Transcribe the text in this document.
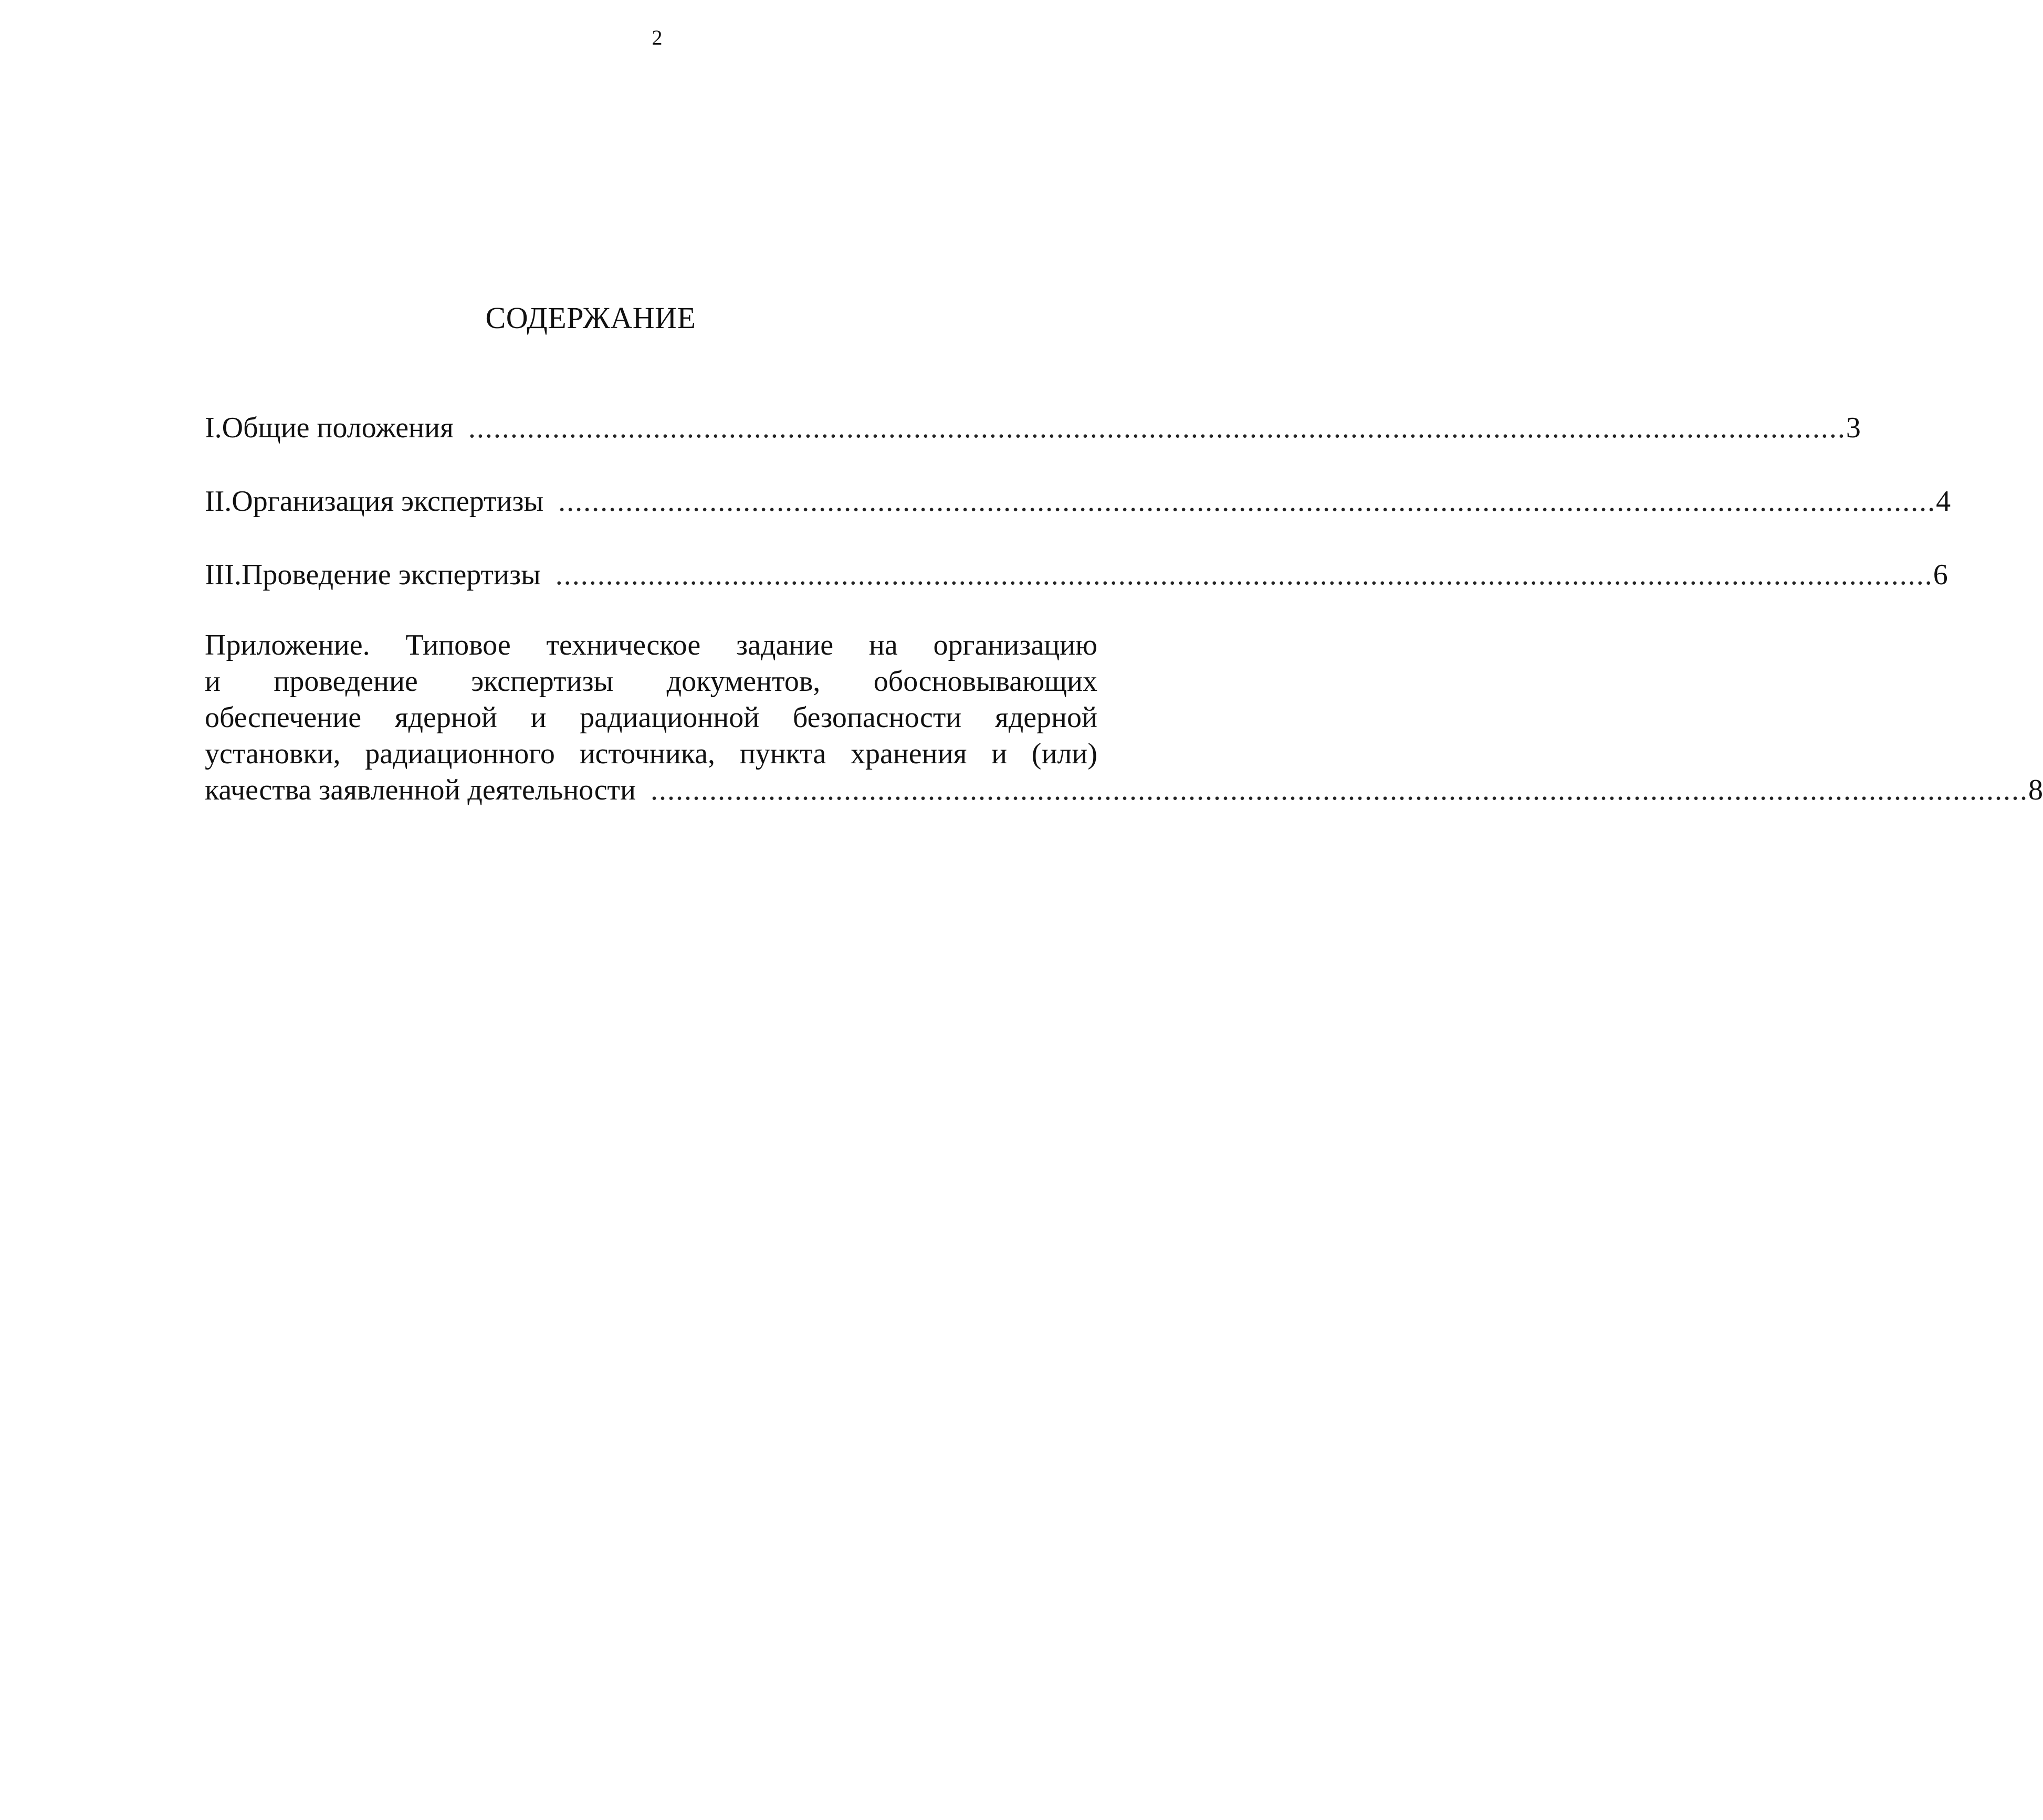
2
СОДЕРЖАНИЕ
I. Общие положения .................................................................................................................................................................... 3
II. Организация экспертизы .................................................................................................................................................................... 4
III. Проведение экспертизы .................................................................................................................................................................... 6
Приложение. Типовое техническое задание на организацию
и проведение экспертизы документов, обосновывающих
обеспечение ядерной и радиационной безопасности ядерной
установки, радиационного источника, пункта хранения и (или)
качества заявленной деятельности .................................................................................................................................................................... 8
